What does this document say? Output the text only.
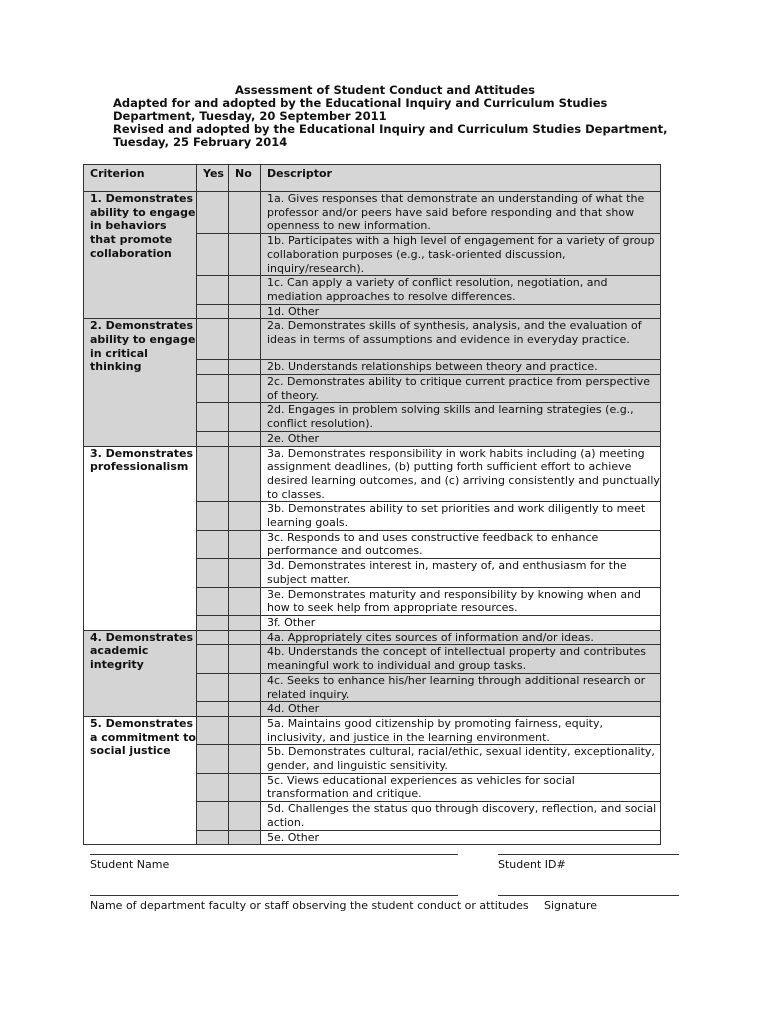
Assessment of Student Conduct and Attitudes
Adapted for and adopted by the Educational Inquiry and Curriculum Studies Department, Tuesday, 20 September 2011
Revised and adopted by the Educational Inquiry and Curriculum Studies Department, Tuesday, 25 February 2014
Criterion	Yes	No	Descriptor
1. Demonstrates ability to engage in behaviors that promote collaboration			1a. Gives responses that demonstrate an understanding of what the professor and/or peers have said before responding and that show openness to new information.
			1b. Participates with a high level of engagement for a variety of group collaboration purposes (e.g., task-oriented discussion, inquiry/research).
			1c. Can apply a variety of conflict resolution, negotiation, and mediation approaches to resolve differences.
			1d. Other
2. Demonstrates ability to engage in critical thinking			2a. Demonstrates skills of synthesis, analysis, and the evaluation of ideas in terms of assumptions and evidence in everyday practice.
			2b. Understands relationships between theory and practice.
			2c. Demonstrates ability to critique current practice from perspective of theory.
			2d. Engages in problem solving skills and learning strategies (e.g., conflict resolution).
			2e. Other
3. Demonstrates professionalism			3a. Demonstrates responsibility in work habits including (a) meeting assignment deadlines, (b) putting forth sufficient effort to achieve desired learning outcomes, and (c) arriving consistently and punctually to classes.
			3b. Demonstrates ability to set priorities and work diligently to meet learning goals.
			3c. Responds to and uses constructive feedback to enhance performance and outcomes.
			3d. Demonstrates interest in, mastery of, and enthusiasm for the subject matter.
			3e. Demonstrates maturity and responsibility by knowing when and how to seek help from appropriate resources.
			3f. Other
4. Demonstrates academic integrity			4a. Appropriately cites sources of information and/or ideas.
			4b. Understands the concept of intellectual property and contributes meaningful work to individual and group tasks.
			4c. Seeks to enhance his/her learning through additional research or related inquiry.
			4d. Other
5. Demonstrates a commitment to social justice			5a. Maintains good citizenship by promoting fairness, equity, inclusivity, and justice in the learning environment.
			5b. Demonstrates cultural, racial/ethic, sexual identity, exceptionality, gender, and linguistic sensitivity.
			5c. Views educational experiences as vehicles for social transformation and critique.
			5d. Challenges the status quo through discovery, reflection, and social action.
			5e. Other
Student Name	Student ID#
Name of department faculty or staff observing the student conduct or attitudes Signature
